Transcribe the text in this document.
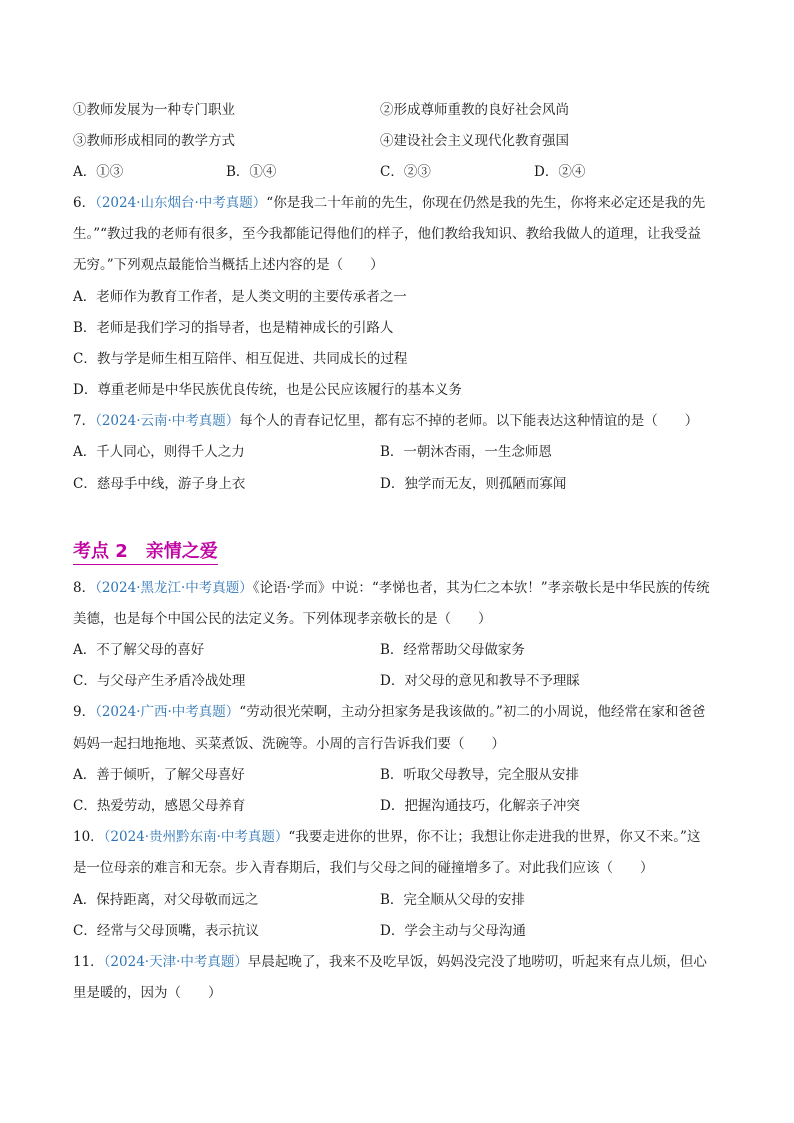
①教师发展为一种专门职业	②形成尊师重教的良好社会风尚
③教师形成相同的教学方式	④建设社会主义现代化教育强国
A．①③	B．①④	C．②③	D．②④
6．（2024·山东烟台·中考真题）“你是我二十年前的先生，你现在仍然是我的先生，你将来必定还是我的先
生。”“教过我的老师有很多，至今我都能记得他们的样子，他们教给我知识、教给我做人的道理，让我受益
无穷。”下列观点最能恰当概括上述内容的是（　　）
A．老师作为教育工作者，是人类文明的主要传承者之一
B．老师是我们学习的指导者，也是精神成长的引路人
C．教与学是师生相互陪伴、相互促进、共同成长的过程
D．尊重老师是中华民族优良传统，也是公民应该履行的基本义务
7．（2024·云南·中考真题）每个人的青春记忆里，都有忘不掉的老师。以下能表达这种情谊的是（　　）
A．千人同心，则得千人之力	B．一朝沐杏雨，一生念师恩
C．慈母手中线，游子身上衣	D．独学而无友，则孤陋而寡闻
考点 2　亲情之爱
8．（2024·黑龙江·中考真题）《论语·学而》中说：“孝悌也者，其为仁之本欤！”孝亲敬长是中华民族的传统
美德，也是每个中国公民的法定义务。下列体现孝亲敬长的是（　　）
A．不了解父母的喜好	B．经常帮助父母做家务
C．与父母产生矛盾冷战处理	D．对父母的意见和教导不予理睬
9．（2024·广西·中考真题）“劳动很光荣啊，主动分担家务是我该做的。”初二的小周说，他经常在家和爸爸
妈妈一起扫地拖地、买菜煮饭、洗碗等。小周的言行告诉我们要（　　）
A．善于倾听，了解父母喜好	B．听取父母教导，完全服从安排
C．热爱劳动，感恩父母养育	D．把握沟通技巧，化解亲子冲突
10．（2024·贵州黔东南·中考真题）“我要走进你的世界，你不让；我想让你走进我的世界，你又不来。”这
是一位母亲的难言和无奈。步入青春期后，我们与父母之间的碰撞增多了。对此我们应该（　　）
A．保持距离，对父母敬而远之	B．完全顺从父母的安排
C．经常与父母顶嘴，表示抗议	D．学会主动与父母沟通
11．（2024·天津·中考真题）早晨起晚了，我来不及吃早饭，妈妈没完没了地唠叨，听起来有点儿烦，但心
里是暖的，因为（　　）
